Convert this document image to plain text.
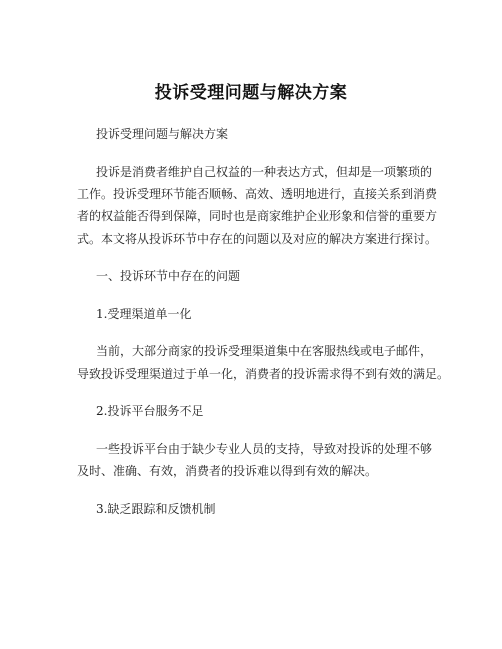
投诉受理问题与解决方案
投诉受理问题与解决方案
投诉是消费者维护自己权益的一种表达方式，但却是一项繁琐的
工作。投诉受理环节能否顺畅、高效、透明地进行，直接关系到消费
者的权益能否得到保障，同时也是商家维护企业形象和信誉的重要方
式。本文将从投诉环节中存在的问题以及对应的解决方案进行探讨。
一、投诉环节中存在的问题
1.受理渠道单一化
当前，大部分商家的投诉受理渠道集中在客服热线或电子邮件，
导致投诉受理渠道过于单一化，消费者的投诉需求得不到有效的满足。
2.投诉平台服务不足
一些投诉平台由于缺少专业人员的支持，导致对投诉的处理不够
及时、准确、有效，消费者的投诉难以得到有效的解决。
3.缺乏跟踪和反馈机制
